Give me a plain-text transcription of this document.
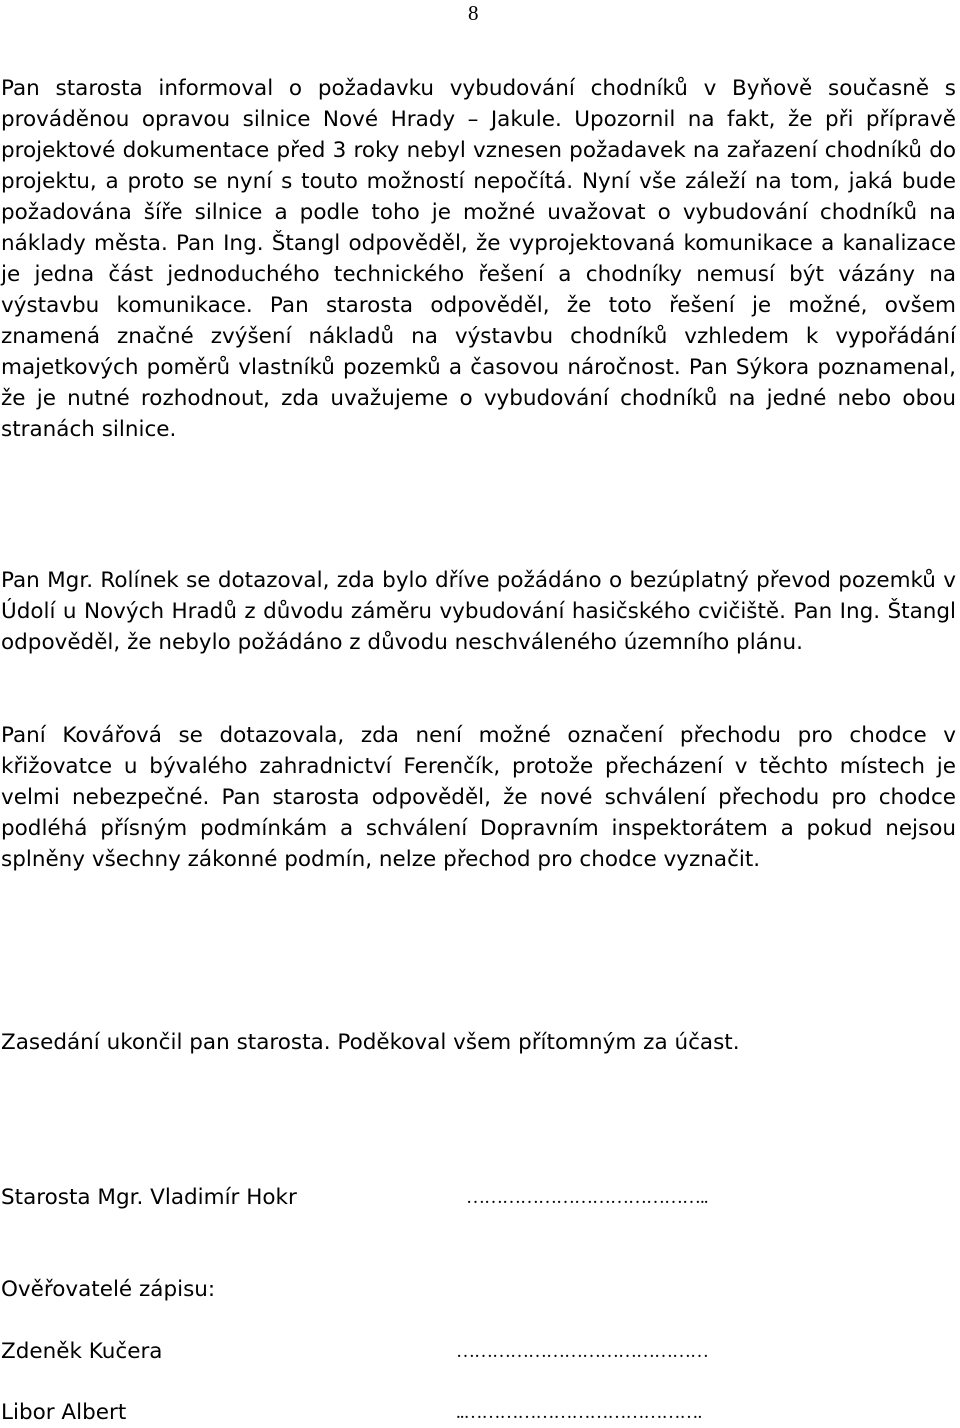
8

Pan starosta informoval o požadavku vybudování chodníků v Byňově současně s prováděnou opravou silnice Nové Hrady – Jakule. Upozornil na fakt, že při přípravě projektové dokumentace před 3 roky nebyl vznesen požadavek na zařazení chodníků do projektu, a proto se nyní s touto možností nepočítá. Nyní vše záleží na tom, jaká bude požadována šíře silnice a podle toho je možné uvažovat o vybudování chodníků na náklady města. Pan Ing. Štangl odpověděl, že vyprojektovaná komunikace a kanalizace je jedna část jednoduchého technického řešení a chodníky nemusí být vázány na výstavbu komunikace. Pan starosta odpověděl, že toto řešení je možné, ovšem znamená značné zvýšení nákladů na výstavbu chodníků vzhledem k vypořádání majetkových poměrů vlastníků pozemků a časovou náročnost. Pan Sýkora poznamenal, že je nutné rozhodnout, zda uvažujeme o vybudování chodníků na jedné nebo obou stranách silnice.

Pan Mgr. Rolínek se dotazoval, zda bylo dříve požádáno o bezúplatný převod pozemků v Údolí u Nových Hradů z důvodu záměru vybudování hasičského cvičiště. Pan Ing. Štangl odpověděl, že nebylo požádáno z důvodu neschváleného územního plánu.

Paní Kovářová se dotazovala, zda není možné označení přechodu pro chodce v křižovatce u bývalého zahradnictví Ferenčík, protože přecházení v těchto místech je velmi nebezpečné. Pan starosta odpověděl, že nové schválení přechodu pro chodce podléhá přísným podmínkám a schválení Dopravním inspektorátem a pokud nejsou splněny všechny zákonné podmín, nelze přechod pro chodce vyznačit.

Zasedání ukončil pan starosta. Poděkoval všem přítomným za účast.

Starosta Mgr. Vladimír Hokr	…………………………………..
Ověřovatelé zápisu:
Zdeněk Kučera	……………………………………
Libor Albert	..………………………………….
